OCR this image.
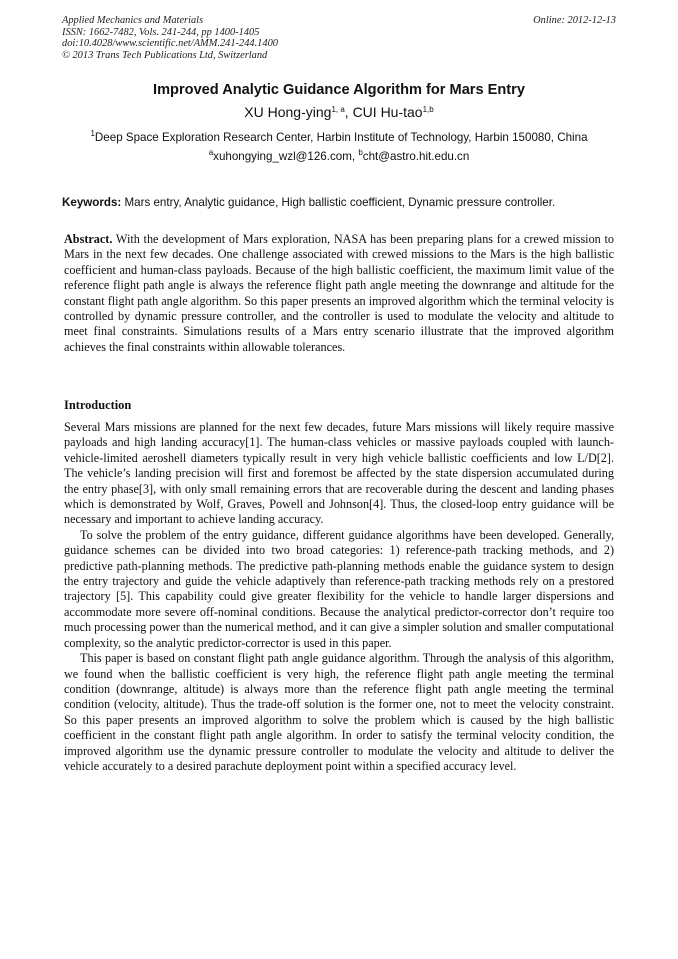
Applied Mechanics and Materials
ISSN: 1662-7482, Vols. 241-244, pp 1400-1405
doi:10.4028/www.scientific.net/AMM.241-244.1400
© 2013 Trans Tech Publications Ltd, Switzerland
Online: 2012-12-13
Improved Analytic Guidance Algorithm for Mars Entry
XU Hong-ying$^{1, a}$, CUI Hu-tao$^{1,b}$
$^1$Deep Space Exploration Research Center, Harbin Institute of Technology, Harbin 150080, China
$^a$xuhongying_wzl@126.com, $^b$cht@astro.hit.edu.cn
Keywords: Mars entry, Analytic guidance, High ballistic coefficient, Dynamic pressure controller.
Abstract. With the development of Mars exploration, NASA has been preparing plans for a crewed mission to Mars in the next few decades. One challenge associated with crewed missions to the Mars is the high ballistic coefficient and human-class payloads. Because of the high ballistic coefficient, the maximum limit value of the reference flight path angle is always the reference flight path angle meeting the downrange and altitude for the constant flight path angle algorithm. So this paper presents an improved algorithm which the terminal velocity is controlled by dynamic pressure controller, and the controller is used to modulate the velocity and altitude to meet final constraints. Simulations results of a Mars entry scenario illustrate that the improved algorithm achieves the final constraints within allowable tolerances.
Introduction

Several Mars missions are planned for the next few decades, future Mars missions will likely require massive payloads and high landing accuracy[1]. The human-class vehicles or massive payloads coupled with launch-vehicle-limited aeroshell diameters typically result in very high vehicle ballistic coefficients and low L/D[2]. The vehicle’s landing precision will first and foremost be affected by the state dispersion accumulated during the entry phase[3], with only small remaining errors that are recoverable during the descent and landing phases which is demonstrated by Wolf, Graves, Powell and Johnson[4]. Thus, the closed-loop entry guidance will be necessary and important to achieve landing accuracy.

To solve the problem of the entry guidance, different guidance algorithms have been developed. Generally, guidance schemes can be divided into two broad categories: 1) reference-path tracking methods, and 2) predictive path-planning methods. The predictive path-planning methods enable the guidance system to design the entry trajectory and guide the vehicle adaptively than reference-path tracking methods rely on a prestored trajectory [5]. This capability could give greater flexibility for the vehicle to handle larger dispersions and accommodate more severe off-nominal conditions. Because the analytical predictor-corrector don’t require too much processing power than the numerical method, and it can give a simpler solution and smaller computational complexity, so the analytic predictor-corrector is used in this paper.

This paper is based on constant flight path angle guidance algorithm. Through the analysis of this algorithm, we found when the ballistic coefficient is very high, the reference flight path angle meeting the terminal condition (downrange, altitude) is always more than the reference flight path angle meeting the terminal condition (velocity, altitude). Thus the trade-off solution is the former one, not to meet the velocity constraint. So this paper presents an improved algorithm to solve the problem which is caused by the high ballistic coefficient in the constant flight path angle algorithm. In order to satisfy the terminal velocity condition, the improved algorithm use the dynamic pressure controller to modulate the velocity and altitude to deliver the vehicle accurately to a desired parachute deployment point within a specified accuracy level.
